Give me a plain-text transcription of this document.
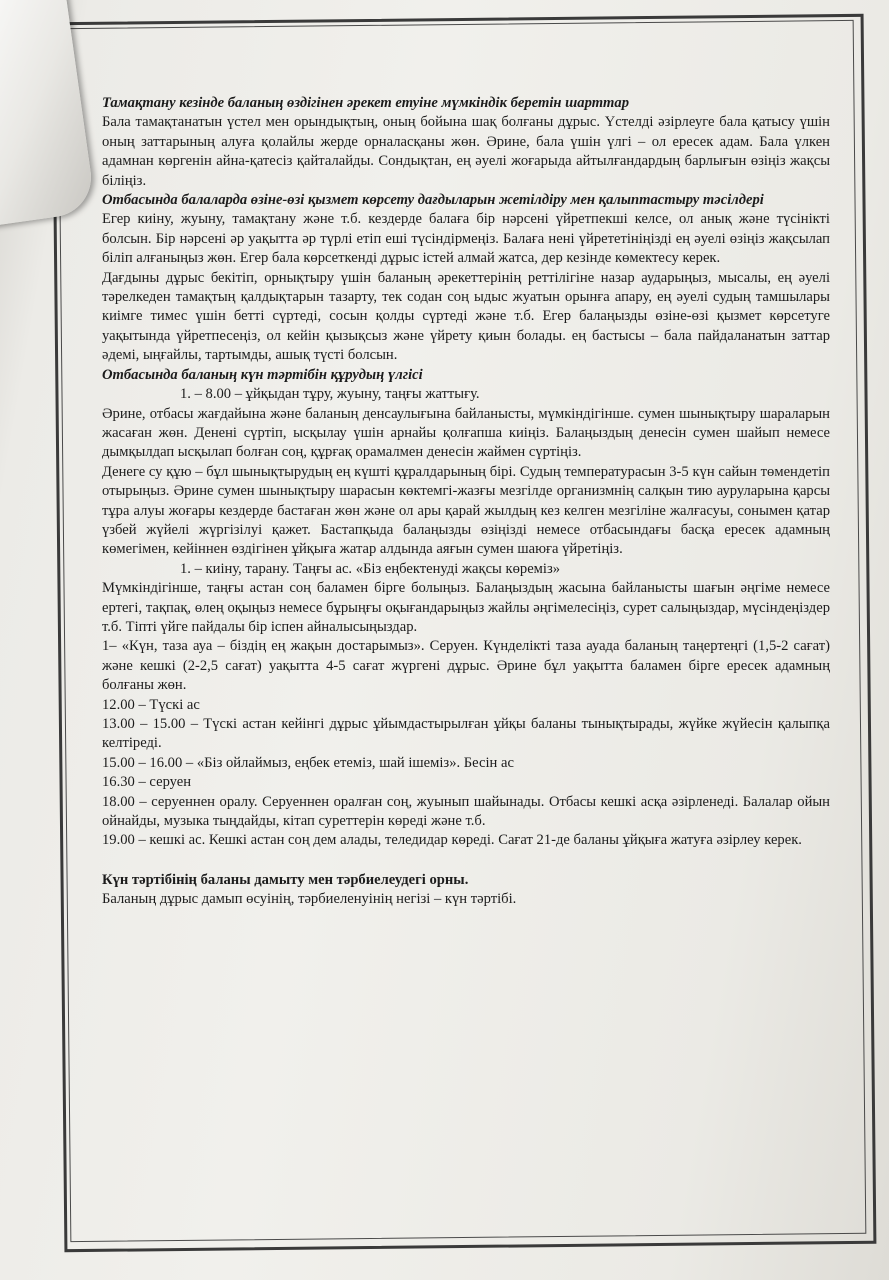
Тамақтану кезінде баланың өздігінен әрекет етуіне мүмкіндік беретін шарттар

Бала тамақтанатын үстел мен орындықтың, оның бойына шақ болғаны дұрыс. Үстелді әзірлеуге бала қатысу үшін оның заттарының алуға қолайлы жерде орналасқаны жөн. Әрине, бала үшін үлгі – ол ересек адам. Бала үлкен адамнан көргенін айна-қатесіз қайталайды. Сондықтан, ең әуелі жоғарыда айтылғандардың барлығын өзіңіз жақсы біліңіз.

Отбасында балаларда өзіне-өзі қызмет көрсету дағдыларын жетілдіру мен қалыптастыру тәсілдері

Егер киіну, жуыну, тамақтану және т.б. кездерде балаға бір нәрсені үйретпекші келсе, ол анық және түсінікті болсын. Бір нәрсені әр уақытта әр түрлі етіп ешi түсіндірмеңіз. Балаға нені үйрететініңізді ең әуелі өзіңіз жақсылап біліп алғаныңыз жөн. Егер бала көрсеткенді дұрыс істей алмай жатса, дер кезінде көмектесу керек.

Дағдыны дұрыс бекітіп, орнықтыру үшін баланың әрекеттерінің реттілігіне назар аударыңыз, мысалы, ең әуелі тәрелкеден тамақтың қалдықтарын тазарту, тек содан соң ыдыс жуатын орынға апару, ең әуелі судың тамшылары киімге тимес үшін бетті сүртеді, сосын қолды сүртеді және т.б. Егер балаңызды өзіне-өзі қызмет көрсетуге уақытында үйретпесеңіз, ол кейін қызықсыз және үйрету қиын болады. ең бастысы – бала пайдаланатын заттар әдемі, ыңғайлы, тартымды, ашық түсті болсын.

Отбасында баланың күн тәртібін құрудың үлгісі

1. – 8.00 – ұйқыдан тұру, жуыну, таңғы жаттығу.

Әрине, отбасы жағдайына және баланың денсаулығына байланысты, мүмкіндігінше. сумен шынықтыру шараларын жасаған жөн. Денені сүртіп, ысқылау үшін арнайы қолғапша киіңіз. Балаңыздың денесін сумен шайып немесе дымқылдап ысқылап болған соң, құрғақ орамалмен денесін жаймен сүртіңіз.

Денеге су құю – бұл шынықтырудың ең күшті құралдарының бірі. Судың температурасын 3-5 күн сайын төмендетіп отырыңыз. Әрине сумен шынықтыру шарасын көктемгі-жазғы мезгілде организмнің салқын тию ауруларына қарсы тұра алуы жоғары кездерде бастаған жөн және ол ары қарай жылдың кез келген мезгіліне жалғасуы, сонымен қатар үзбей жүйелі жүргізілуі қажет. Бастапқыда балаңызды өзіңізді немесе отбасындағы басқа ересек адамның көмегімен, кейіннен өздігінен ұйқыға жатар алдында аяғын сумен шаюға үйретіңіз.

1. – киіну, тарану. Таңғы ас. «Біз еңбектенуді жақсы көреміз»

Мүмкіндігінше, таңғы астан соң баламен бірге болыңыз. Балаңыздың жасына байланысты шағын әңгіме немесе ертегі, тақпақ, өлең оқыңыз немесе бұрыңғы оқығандарыңыз жайлы әңгімелесіңіз, сурет салыңыздар, мүсіндеңіздер т.б. Тіпті үйге пайдалы бір іспен айналысыңыздар.

1– «Күн, таза ауа – біздің ең жақын достарымыз». Серуен. Күнделікті таза ауада баланың таңертеңгі (1,5-2 сағат) және кешкі (2-2,5 сағат) уақытта 4-5 сағат жүргені дұрыс. Әрине бұл уақытта баламен бірге ересек адамның болғаны жөн.

12.00 – Түскі ас

13.00 – 15.00 – Түскі астан кейінгі дұрыс ұйымдастырылған ұйқы баланы тынықтырады, жүйке жүйесін қалыпқа келтіреді.

15.00 – 16.00 – «Біз ойлаймыз, еңбек етеміз, шай ішеміз». Бесін ас

16.30 – серуен

18.00 – серуеннен оралу. Серуеннен оралған соң, жуынып шайынады. Отбасы кешкі асқа әзірленеді. Балалар ойын ойнайды, музыка тыңдайды, кітап суреттерін көреді және т.б.

19.00 – кешкі ас. Кешкі астан соң дем алады, теледидар көреді. Сағат 21-де баланы ұйқыға жатуға әзірлеу керек.

Күн тәртібінің баланы дамыту мен тәрбиелеудегі орны.

Баланың дұрыс дамып өсуінің, тәрбиеленуінің негізі – күн тәртібі.
